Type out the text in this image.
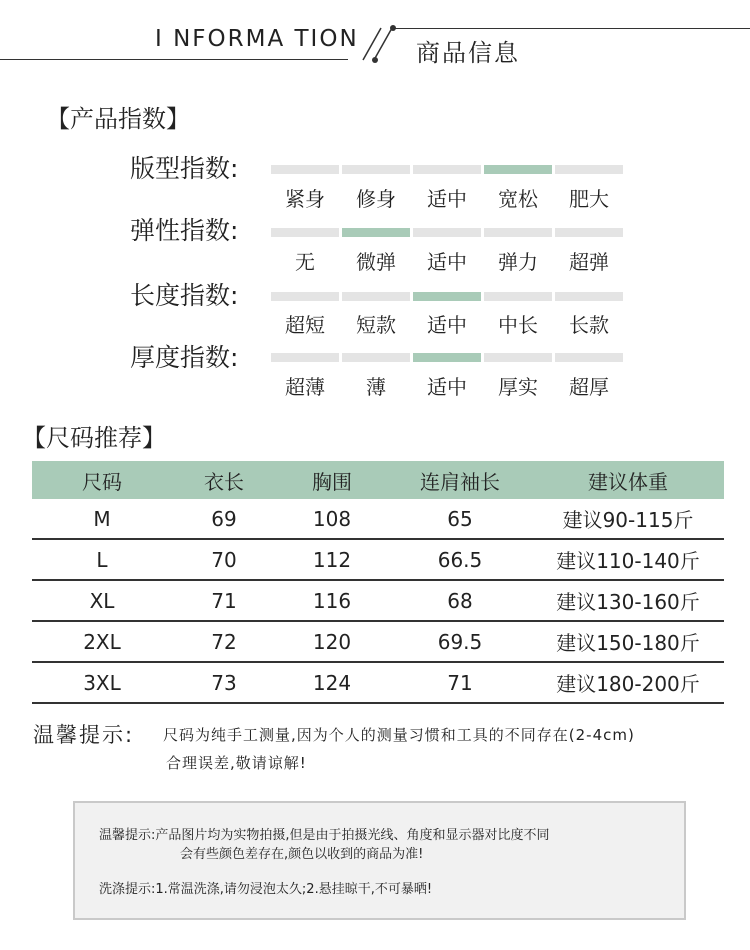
I NFORMA TION 商品信息
【产品指数】
版型指数:
紧身	修身	适中	宽松	肥大
弹性指数:
无	微弹	适中	弹力	超弹
长度指数:
超短	短款	适中	中长	长款
厚度指数:
超薄	薄	适中	厚实	超厚
【尺码推荐】
尺码	衣长	胸围	连肩袖长	建议体重
M	69	108	65	建议90-115斤
L	70	112	66.5	建议110-140斤
XL	71	116	68	建议130-160斤
2XL	72	120	69.5	建议150-180斤
3XL	73	124	71	建议180-200斤
温馨提示: 尺码为纯手工测量,因为个人的测量习惯和工具的不同存在(2-4cm)
合理误差,敬请谅解!
温馨提示:产品图片均为实物拍摄,但是由于拍摄光线、角度和显示器对比度不同
会有些颜色差存在,颜色以收到的商品为准!
洗涤提示:1.常温洗涤,请勿浸泡太久;2.悬挂晾干,不可暴晒!
